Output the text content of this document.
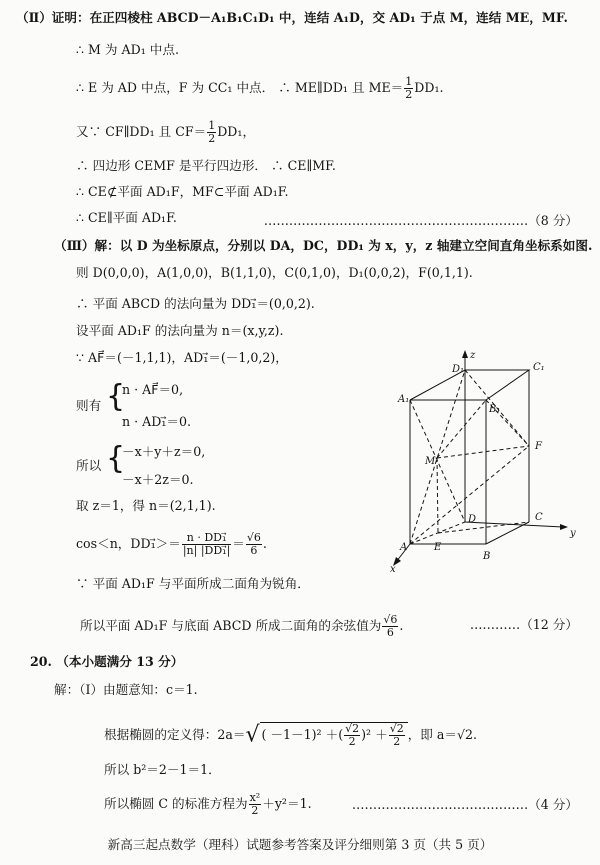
（Ⅱ）证明：在正四棱柱 ABCD－A₁B₁C₁D₁ 中，连结 A₁D，交 AD₁ 于点 M，连结 ME，MF.
∴ M 为 AD₁ 中点.
∴ E 为 AD 中点，F 为 CC₁ 中点． ∴ ME∥DD₁ 且 $ME= \frac{1}{2} DD_1$.
又∵ CF∥DD₁ 且 $CF= \frac{1}{2} DD_1$，
∴ 四边形 CEMF 是平行四边形． ∴ CE∥MF.
∴ CE⊄平面 AD₁F，MF⊂平面 AD₁F.
∴ CE∥平面 AD₁F.	………………………………………………………（8 分）
（Ⅲ）解：以 D 为坐标原点，分别以 DA，DC，DD₁ 为 x，y，z 轴建立空间直角坐标系如图.
则 D(0,0,0)，A(1,0,0)，B(1,1,0)，C(0,1,0)，D₁(0,0,2)，F(0,1,1).
∴ 平面 ABCD 的法向量为 DD₁⃗＝(0,0,2).
设平面 AD₁F 的法向量为 n＝(x,y,z).
∵ AF⃗＝(－1,1,1)，AD₁⃗＝(－1,0,2)，
则有 {
n · AF⃗＝0,
n · AD₁⃗＝0.
所以 {
－x＋y＋z＝0,
－x＋2z＝0.
取 z＝1，得 n＝(2,1,1).
cos＜n，DD₁⃗＞＝ $\frac{\text{n · DD₁⃗}}{\text{|n| |DD₁⃗|}} = \frac{√6}{6}$ .
∵ 平面 AD₁F 与平面所成二面角为锐角．
所以平面 AD₁F 与底面 ABCD 所成二面角的余弦值为 $\frac{√6}{6}$ .	…………（12 分）
20. （本小题满分 13 分）
解：（Ⅰ）由题意知：c＝1.
根据椭圆的定义得：2a＝√ ( －1－1)² ＋( $\frac{√2}{2} )^2 + \frac{√2}{2}$ ，即 a＝√2.
所以 b²＝2－1＝1．
所以椭圆 C 的标准方程为 $\frac{\text{x²}}{2} +y^2=1$.	……………………………………（4 分）
新高三起点数学（理科）试题参考答案及评分细则第 3 页（共 5 页）
D₁	C₁
A₁
B₁
M
F
D	C
A	E
B
x
y
z
